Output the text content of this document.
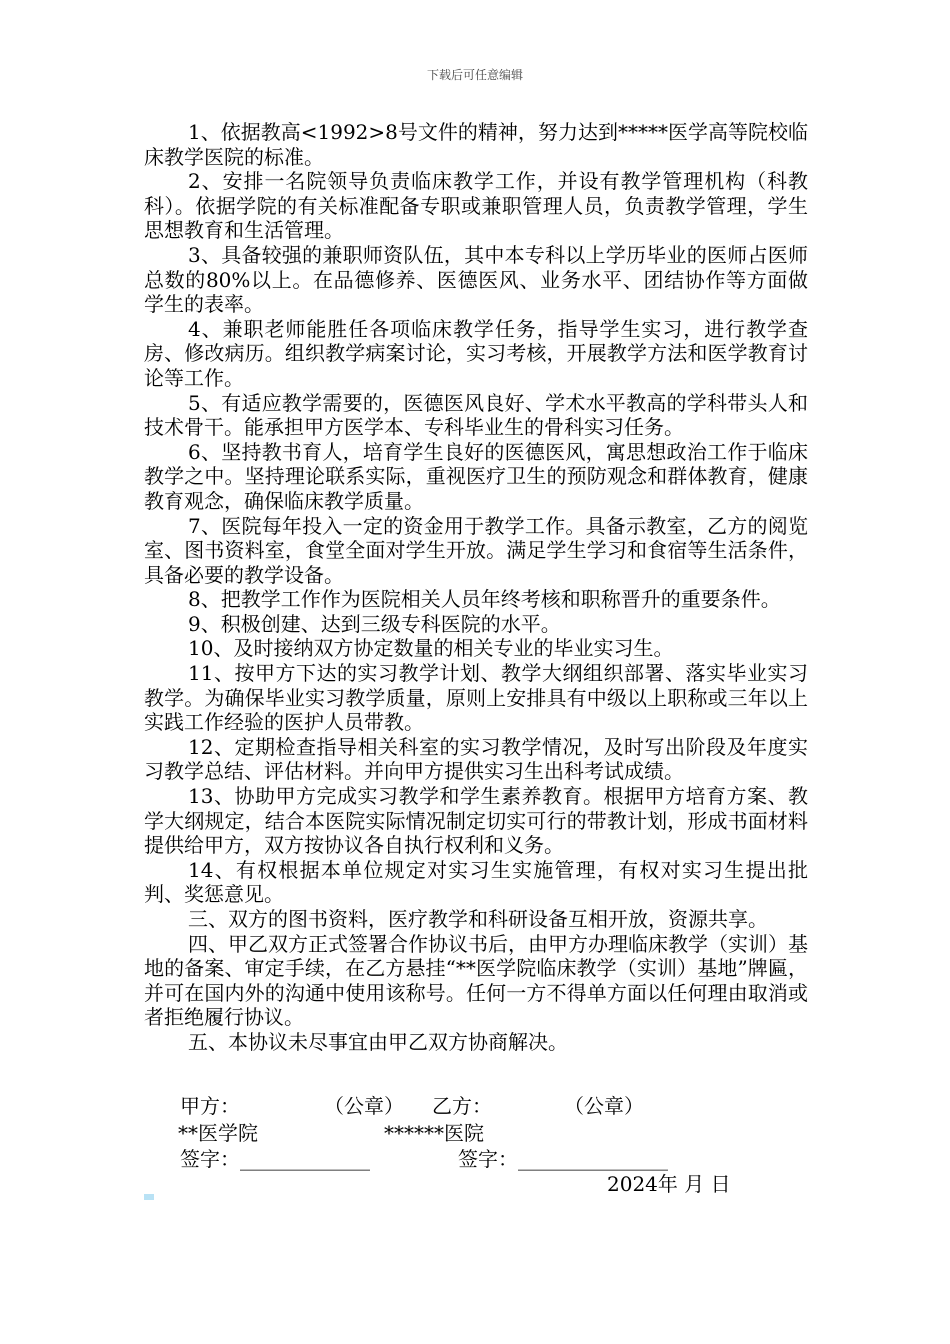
下载后可任意编辑

1、依据教高<1992>8号文件的精神，努力达到*****医学高等院校临床教学医院的标准。

2、安排一名院领导负责临床教学工作，并设有教学管理机构（科教科）。依据学院的有关标准配备专职或兼职管理人员，负责教学管理，学生思想教育和生活管理。

3、具备较强的兼职师资队伍，其中本专科以上学历毕业的医师占医师总数的80%以上。在品德修养、医德医风、业务水平、团结协作等方面做学生的表率。

4、兼职老师能胜任各项临床教学任务，指导学生实习，进行教学查房、修改病历。组织教学病案讨论，实习考核，开展教学方法和医学教育讨论等工作。

5、有适应教学需要的，医德医风良好、学术水平教高的学科带头人和技术骨干。能承担甲方医学本、专科毕业生的骨科实习任务。

6、坚持教书育人，培育学生良好的医德医风，寓思想政治工作于临床教学之中。坚持理论联系实际，重视医疗卫生的预防观念和群体教育，健康教育观念，确保临床教学质量。

7、医院每年投入一定的资金用于教学工作。具备示教室，乙方的阅览室、图书资料室，食堂全面对学生开放。满足学生学习和食宿等生活条件，具备必要的教学设备。

8、把教学工作作为医院相关人员年终考核和职称晋升的重要条件。

9、积极创建、达到三级专科医院的水平。

10、及时接纳双方协定数量的相关专业的毕业实习生。

11、按甲方下达的实习教学计划、教学大纲组织部署、落实毕业实习教学。为确保毕业实习教学质量，原则上安排具有中级以上职称或三年以上实践工作经验的医护人员带教。

12、定期检查指导相关科室的实习教学情况，及时写出阶段及年度实习教学总结、评估材料。并向甲方提供实习生出科考试成绩。

13、协助甲方完成实习教学和学生素养教育。根据甲方培育方案、教学大纲规定，结合本医院实际情况制定切实可行的带教计划，形成书面材料提供给甲方，双方按协议各自执行权利和义务。

14、有权根据本单位规定对实习生实施管理，有权对实习生提出批判、奖惩意见。

三、双方的图书资料，医疗教学和科研设备互相开放，资源共享。

四、甲乙双方正式签署合作协议书后，由甲方办理临床教学（实训）基地的备案、审定手续，在乙方悬挂“**医学院临床教学（实训）基地”牌匾，并可在国内外的沟通中使用该称号。任何一方不得单方面以任何理由取消或者拒绝履行协议。

五、本协议未尽事宜由甲乙双方协商解决。

甲方：	（公章） 乙方：	（公章）
**医学院	******医院
签字：_____________	签字：_______________
2024年 月 日
